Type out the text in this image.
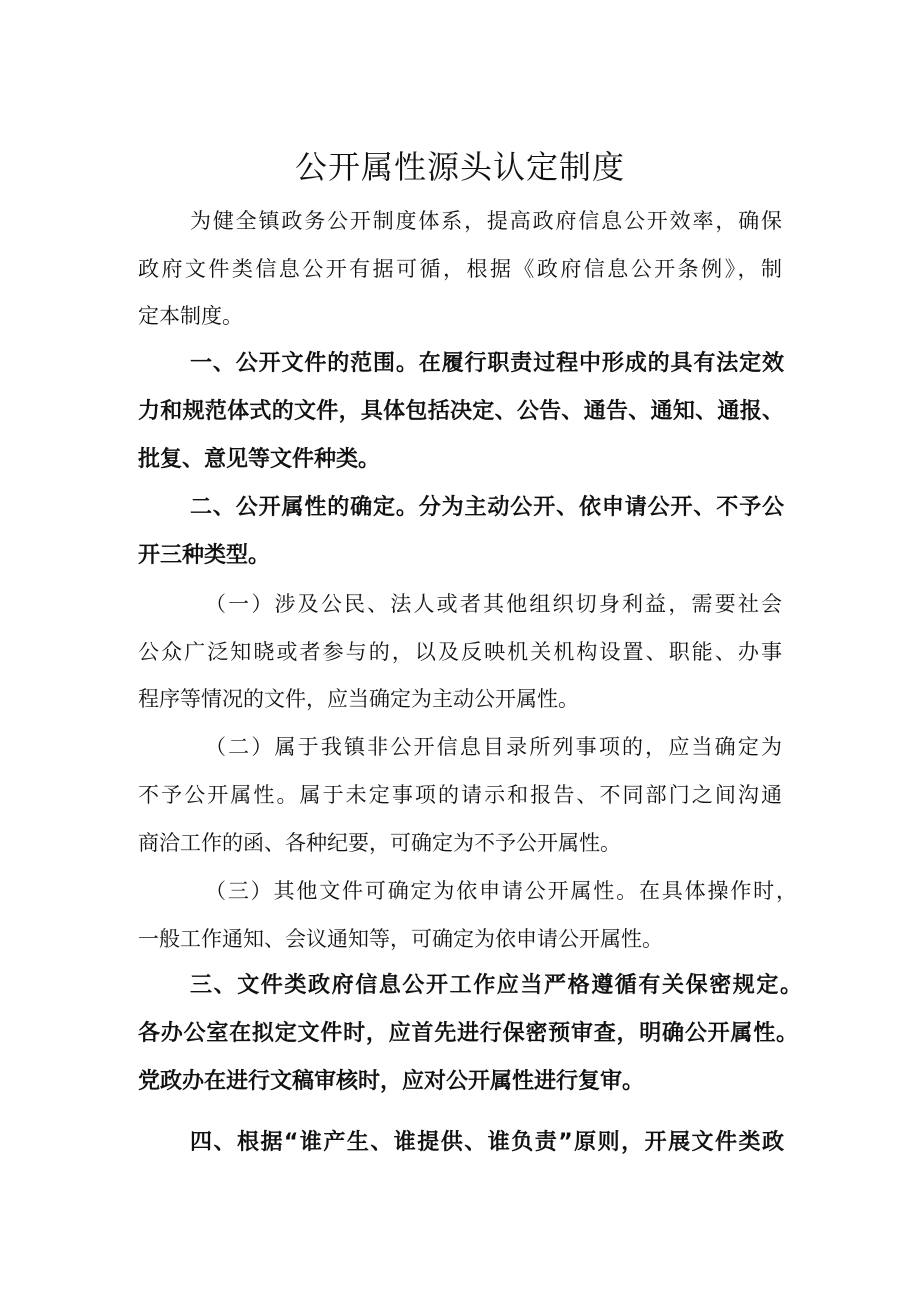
公开属性源头认定制度

为健全镇政务公开制度体系，提高政府信息公开效率，确保

政府文件类信息公开有据可循，根据《政府信息公开条例》，制

定本制度。

一、公开文件的范围。在履行职责过程中形成的具有法定效

力和规范体式的文件，具体包括决定、公告、通告、通知、通报、

批复、意见等文件种类。

二、公开属性的确定。分为主动公开、依申请公开、不予公

开三种类型。

（一）涉及公民、法人或者其他组织切身利益，需要社会

公众广泛知晓或者参与的，以及反映机关机构设置、职能、办事

程序等情况的文件，应当确定为主动公开属性。

（二）属于我镇非公开信息目录所列事项的，应当确定为

不予公开属性。属于未定事项的请示和报告、不同部门之间沟通

商洽工作的函、各种纪要，可确定为不予公开属性。

（三）其他文件可确定为依申请公开属性。在具体操作时，

一般工作通知、会议通知等，可确定为依申请公开属性。

三、文件类政府信息公开工作应当严格遵循有关保密规定。

各办公室在拟定文件时，应首先进行保密预审查，明确公开属性。

党政办在进行文稿审核时，应对公开属性进行复审。

四、根据“谁产生、谁提供、谁负责”原则，开展文件类政
